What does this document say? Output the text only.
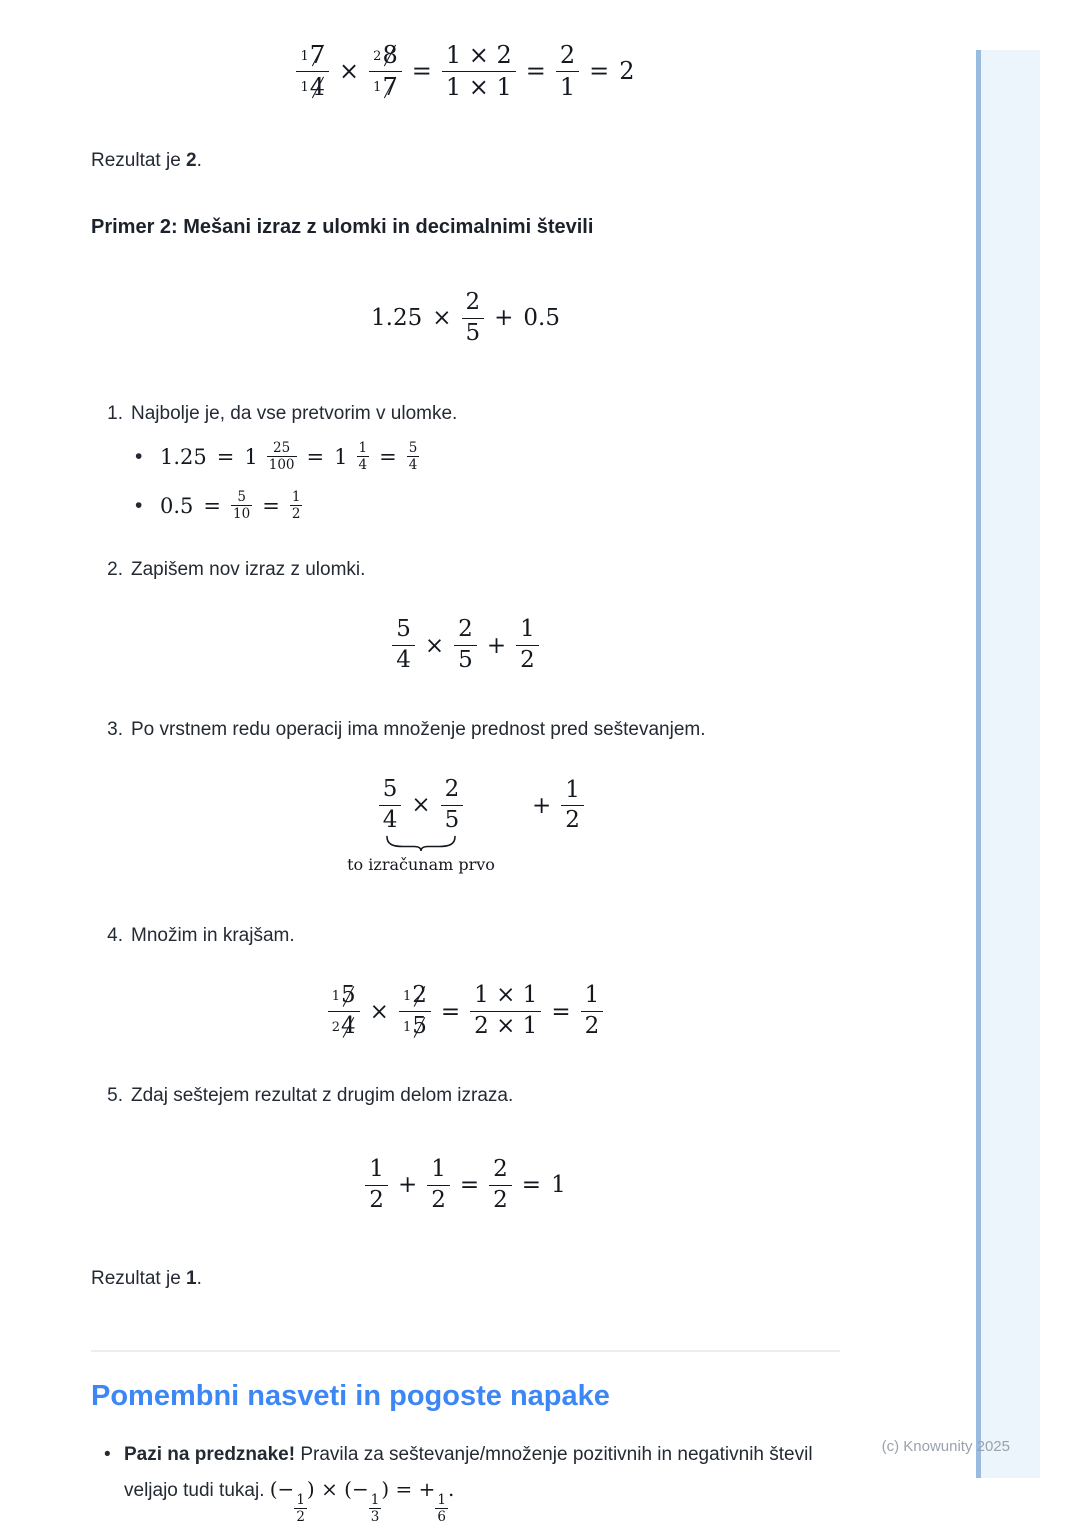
(c) Knowunity 2025
$\frac{1 7}{1 4} \times \frac{2 8}{1 7} = \frac{1 \times 2}{1 \times 1} = \frac{2}{1} = 2$

Rezultat je 2.

Primer 2: Mešani izraz z ulomki in decimalnimi števili
$1.25 \times \frac{2}{5} + 0.5$
1. Najbolje je, da vse pretvorim v ulomke.
• $1.25 = 1 \frac{25}{100} = 1 \frac{1}{4} = \frac{5}{4}$
• $0.5 = \frac{5}{10} = \frac{1}{2}$
2. Zapišem nov izraz z ulomki.
$\frac{5}{4} \times \frac{2}{5} + \frac{1}{2}$
3. Po vrstnem redu operacij ima množenje prednost pred seštevanjem.
$\frac{5}{4} \times \frac{2}{5}$
to izračunam prvo
+ $\frac{1}{2}$
4. Množim in krajšam.
$\frac{1 5}{2 4} \times \frac{1 2}{1 5} = \frac{1 \times 1}{2 \times 1} = \frac{1}{2}$
5. Zdaj seštejem rezultat z drugim delom izraza.
$\frac{1}{2} + \frac{1}{2} = \frac{2}{2} = 1$

Rezultat je 1.

Pomembni nasveti in pogoste napake
• Pazi na predznake! Pravila za seštevanje/množenje pozitivnih in negativnih števil veljajo tudi tukaj. (−
$\frac{1}{2}$
) × (−
$\frac{1}{3}$
) = +
$\frac{1}{6}$
.
